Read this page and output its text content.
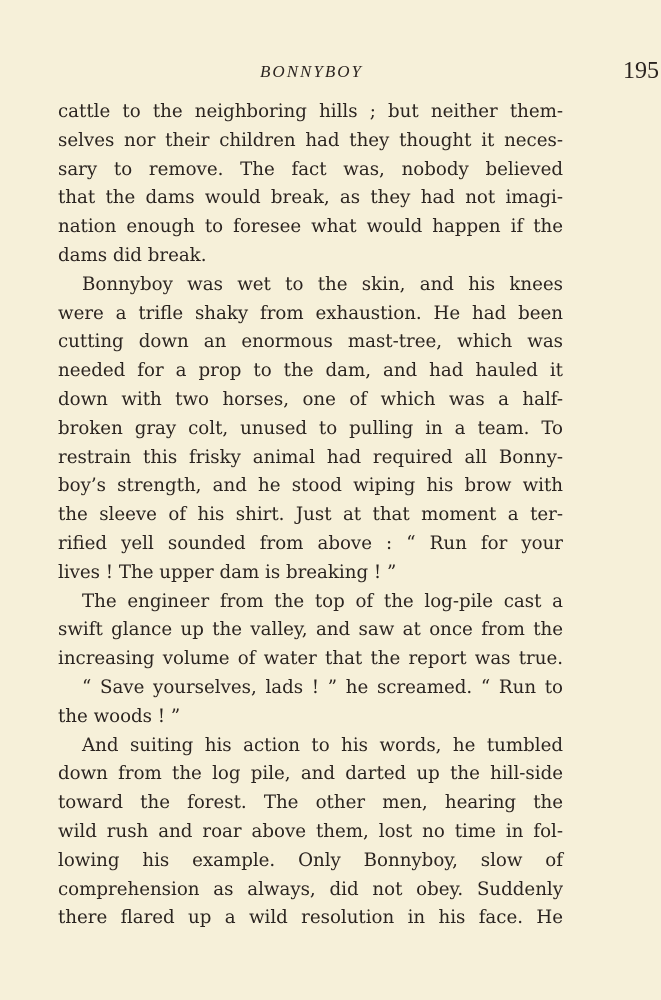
BONNYBOY	195
cattle to the neighboring hills ; but neither them-
selves nor their children had they thought it neces-
sary to remove. The fact was, nobody believed
that the dams would break, as they had not imagi-
nation enough to foresee what would happen if the
dams did break.
Bonnyboy was wet to the skin, and his knees
were a trifle shaky from exhaustion. He had been
cutting down an enormous mast-tree, which was
needed for a prop to the dam, and had hauled it
down with two horses, one of which was a half-
broken gray colt, unused to pulling in a team. To
restrain this frisky animal had required all Bonny-
boy’s strength, and he stood wiping his brow with
the sleeve of his shirt. Just at that moment a ter-
rified yell sounded from above : “ Run for your
lives ! The upper dam is breaking ! ”
The engineer from the top of the log-pile cast a
swift glance up the valley, and saw at once from the
increasing volume of water that the report was true.
“ Save yourselves, lads ! ” he screamed. “ Run to
the woods ! ”
And suiting his action to his words, he tumbled
down from the log pile, and darted up the hill-side
toward the forest. The other men, hearing the
wild rush and roar above them, lost no time in fol-
lowing his example. Only Bonnyboy, slow of
comprehension as always, did not obey. Suddenly
there flared up a wild resolution in his face. He
